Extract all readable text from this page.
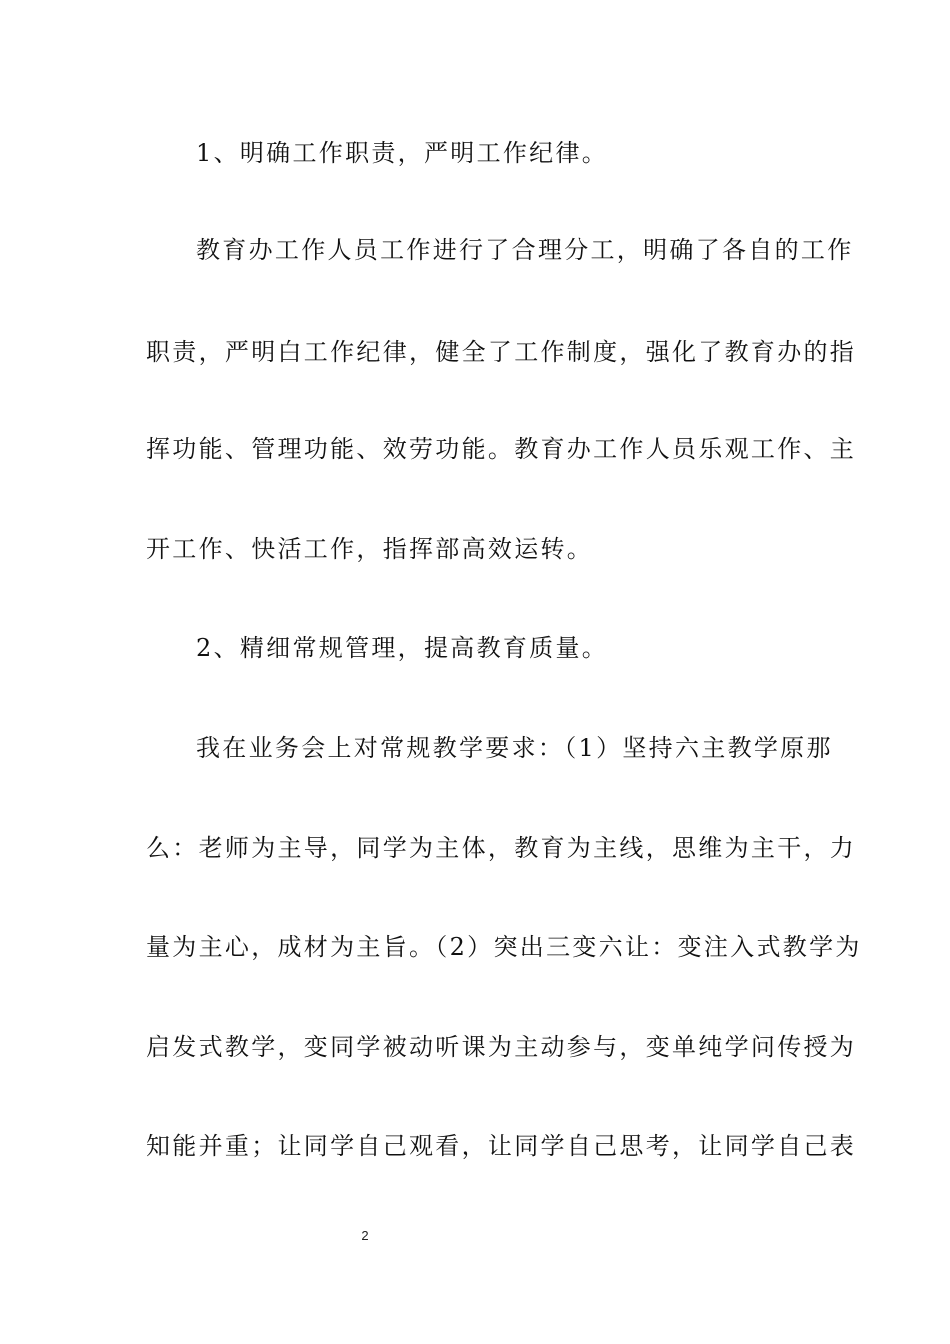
1、明确工作职责，严明工作纪律。
教育办工作人员工作进行了合理分工，明确了各自的工作
职责，严明白工作纪律，健全了工作制度，强化了教育办的指
挥功能、管理功能、效劳功能。教育办工作人员乐观工作、主
开工作、快活工作，指挥部高效运转。
2、精细常规管理，提高教育质量。
我在业务会上对常规教学要求：（1）坚持六主教学原那
么：老师为主导，同学为主体，教育为主线，思维为主干，力
量为主心，成材为主旨。（2）突出三变六让：变注入式教学为
启发式教学，变同学被动听课为主动参与，变单纯学问传授为
知能并重；让同学自己观看，让同学自己思考，让同学自己表
2
